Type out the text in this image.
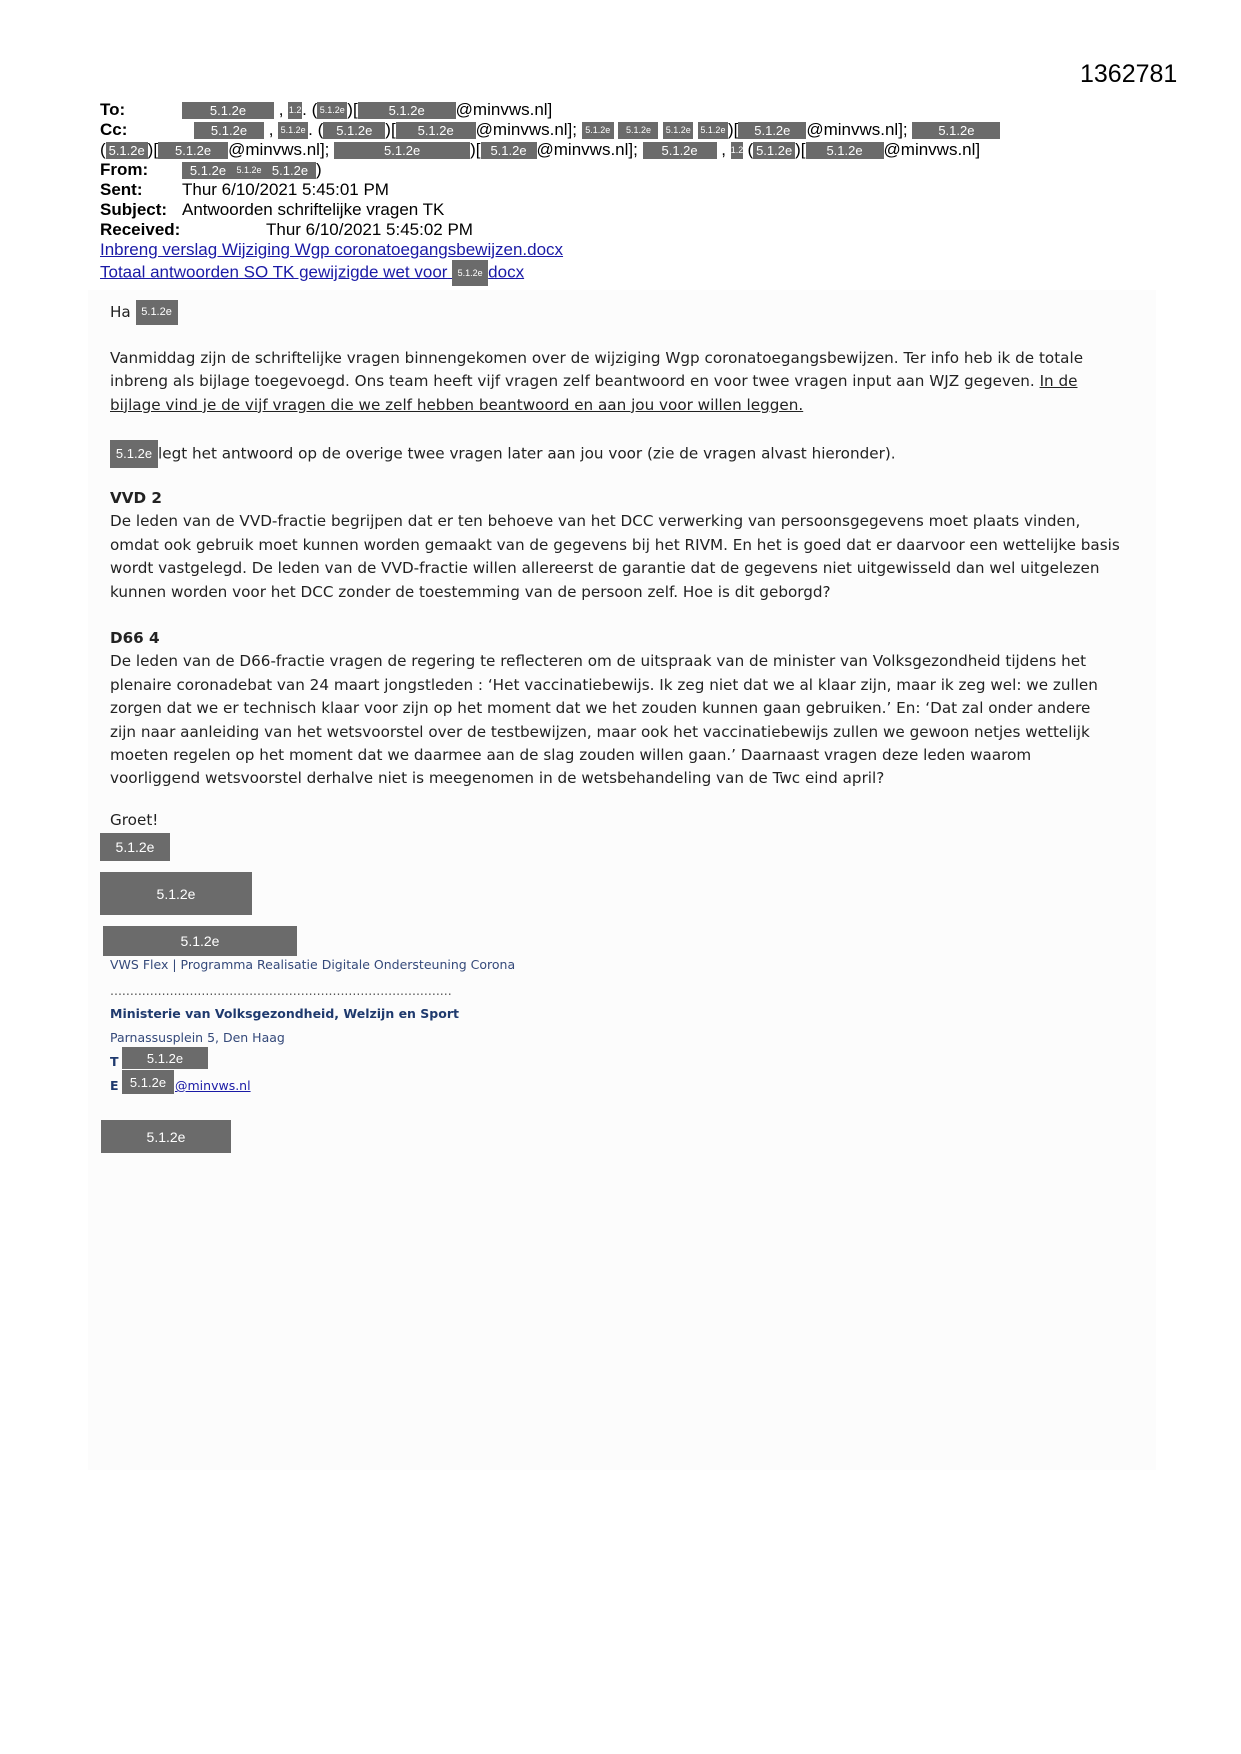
1362781
To:	5.1.2e , 1.2. ( 5.1.2e )[ 5.1.2e @minvws.nl]
Cc:	5.1.2e , 5.1.2e . ( 5.1.2e )[ 5.1.2e @minvws.nl]; 5.1.2e 5.1.2e 5.1.2e 5.1.2e )[ 5.1.2e @minvws.nl]; 5.1.2e
( 5.1.2e )[ 5.1.2e @minvws.nl];	5.1.2e	)[ 5.1.2e @minvws.nl]; 5.1.2e , 1.2 ( 5.1.2e )[ 5.1.2e @minvws.nl]
From:	5.1.2e 5.1.2e 5.1.2e )
Sent: Thur 6/10/2021 5:45:01 PM
Subject: Antwoorden schriftelijke vragen TK
Received:	Thur 6/10/2021 5:45:02 PM
Inbreng verslag Wijziging Wgp coronatoegangsbewijzen.docx
Totaal antwoorden SO TK gewijzigde wet voor 5.1.2e docx
Ha 5.1.2e

Vanmiddag zijn de schriftelijke vragen binnengekomen over de wijziging Wgp coronatoegangsbewijzen. Ter info heb ik de totale inbreng als bijlage toegevoegd. Ons team heeft vijf vragen zelf beantwoord en voor twee vragen input aan WJZ gegeven. In de bijlage vind je de vijf vragen die we zelf hebben beantwoord en aan jou voor willen leggen.

5.1.2e legt het antwoord op de overige twee vragen later aan jou voor (zie de vragen alvast hieronder).

VVD 2

De leden van de VVD-fractie begrijpen dat er ten behoeve van het DCC verwerking van persoonsgegevens moet plaats vinden, omdat ook gebruik moet kunnen worden gemaakt van de gegevens bij het RIVM. En het is goed dat er daarvoor een wettelijke basis wordt vastgelegd. De leden van de VVD-fractie willen allereerst de garantie dat de gegevens niet uitgewisseld dan wel uitgelezen kunnen worden voor het DCC zonder de toestemming van de persoon zelf. Hoe is dit geborgd?

D66 4

De leden van de D66-fractie vragen de regering te reflecteren om de uitspraak van de minister van Volksgezondheid tijdens het plenaire coronadebat van 24 maart jongstleden : ‘Het vaccinatiebewijs. Ik zeg niet dat we al klaar zijn, maar ik zeg wel: we zullen zorgen dat we er technisch klaar voor zijn op het moment dat we het zouden kunnen gaan gebruiken.’ En: ‘Dat zal onder andere zijn naar aanleiding van het wetsvoorstel over de testbewijzen, maar ook het vaccinatiebewijs zullen we gewoon netjes wettelijk moeten regelen op het moment dat we daarmee aan de slag zouden willen gaan.’ Daarnaast vragen deze leden waarom voorliggend wetsvoorstel derhalve niet is meegenomen in de wetsbehandeling van de Twc eind april?

Groet!
5.1.2e
5.1.2e
5.1.2e
VWS Flex | Programma Realisatie Digitale Ondersteuning Corona
......................................................................................
Ministerie van Volksgezondheid, Welzijn en Sport
Parnassusplein 5, Den Haag
T	5.1.2e
E 5.1.2e @minvws.nl
5.1.2e
